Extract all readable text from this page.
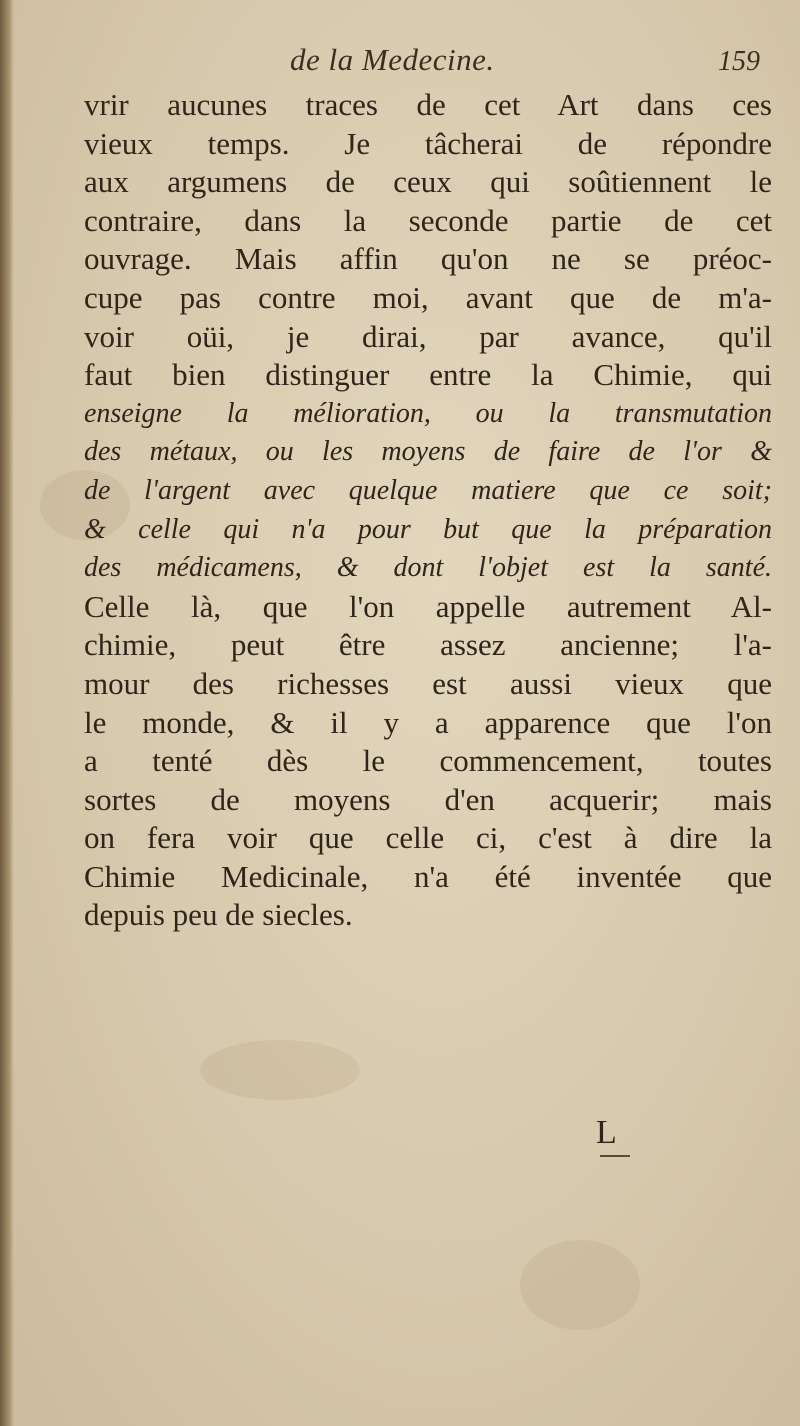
de la Medecine.	159
vrir aucunes traces de cet Art dans ces
vieux temps. Je tâcherai de répondre
aux argumens de ceux qui soûtiennent le
contraire, dans la seconde partie de cet
ouvrage. Mais affin qu'on ne se préoc-
cupe pas contre moi, avant que de m'a-
voir oüi, je dirai, par avance, qu'il
faut bien distinguer entre la Chimie, qui
enseigne la mélioration, ou la transmutation
des métaux, ou les moyens de faire de l'or &
de l'argent avec quelque matiere que ce soit;
& celle qui n'a pour but que la préparation
des médicamens, & dont l'objet est la santé.
Celle là, que l'on appelle autrement Al-
chimie, peut être assez ancienne; l'a-
mour des richesses est aussi vieux que
le monde, & il y a apparence que l'on
a tenté dès le commencement, toutes
sortes de moyens d'en acquerir; mais
on fera voir que celle ci, c'est à dire la
Chimie Medicinale, n'a été inventée que
depuis peu de siecles.
L
